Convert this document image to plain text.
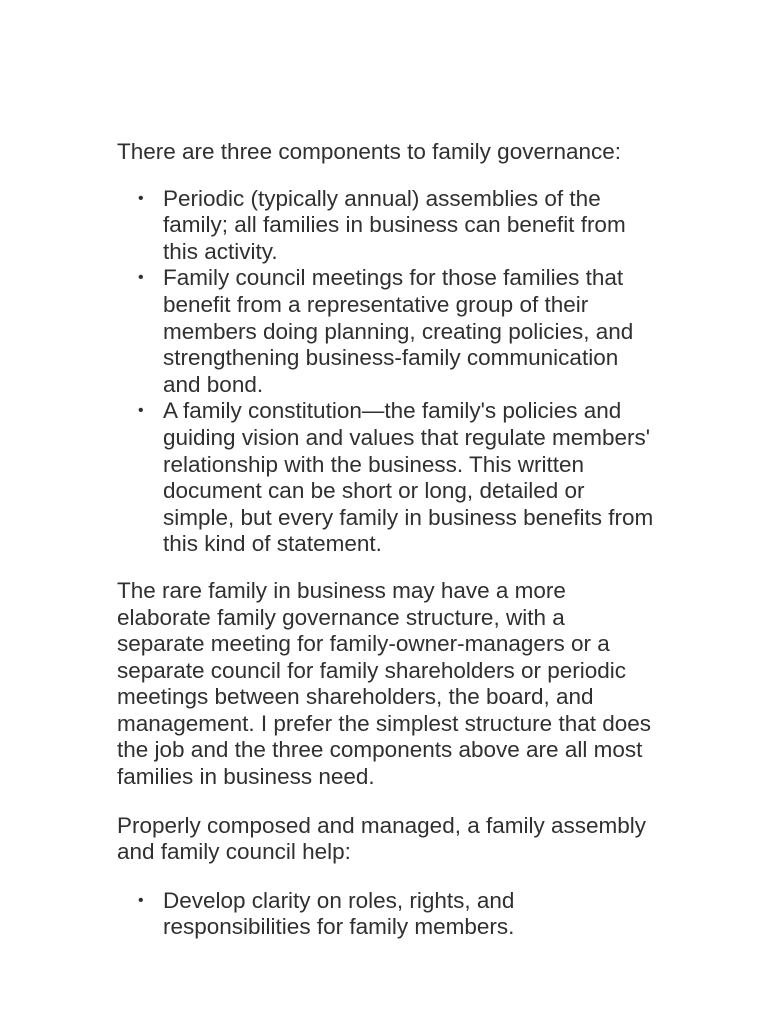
There are three components to family governance:

• Periodic (typically annual) assemblies of the family; all families in business can benefit from this activity.
• Family council meetings for those families that benefit from a representative group of their members doing planning, creating policies, and strengthening business-family communication and bond.
• A family constitution—the family's policies and guiding vision and values that regulate members' relationship with the business. This written document can be short or long, detailed or simple, but every family in business benefits from this kind of statement.

The rare family in business may have a more elaborate family governance structure, with a separate meeting for family-owner-managers or a separate council for family shareholders or periodic meetings between shareholders, the board, and management. I prefer the simplest structure that does the job and the three components above are all most families in business need.

Properly composed and managed, a family assembly and family council help:

• Develop clarity on roles, rights, and responsibilities for family members.
